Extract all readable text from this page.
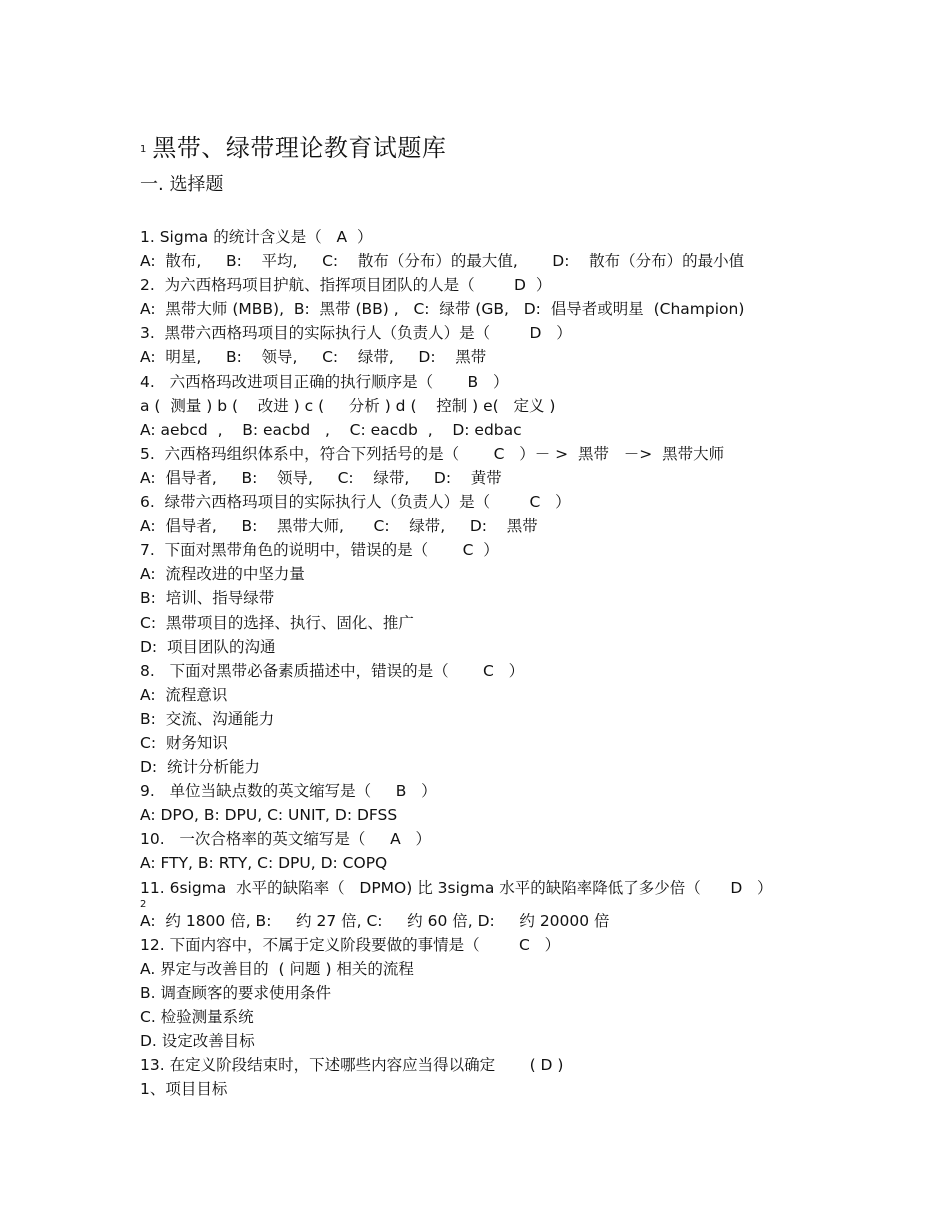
1 黑带、绿带理论教育试题库
一. 选择题
1. Sigma 的统计含义是（   A  ）
A:  散布,     B:    平均,     C:    散布（分布）的最大值,       D:    散布（分布）的最小值
2.  为六西格玛项目护航、指挥项目团队的人是（        D  ）
A:  黑带大师 (MBB),  B:  黑带 (BB) ,   C:  绿带 (GB,   D:  倡导者或明星  (Champion)
3.  黑带六西格玛项目的实际执行人（负责人）是（        D   ）
A:  明星,     B:    领导,     C:    绿带,     D:    黑带
4.   六西格玛改进项目正确的执行顺序是（       B   ）
a (  测量 ) b (    改进 ) c (     分析 ) d (    控制 ) e(   定义 )
A: aebcd  ,    B: eacbd   ,    C: eacdb  ,    D: edbac
5.  六西格玛组织体系中，符合下列括号的是（       C   ）－ >  黑带   －>  黑带大师
A:  倡导者,     B:    领导,     C:    绿带,     D:    黄带
6.  绿带六西格玛项目的实际执行人（负责人）是（        C   ）
A:  倡导者,     B:    黑带大师,      C:    绿带,     D:    黑带
7.  下面对黑带角色的说明中，错误的是（       C  ）
A:  流程改进的中坚力量
B:  培训、指导绿带
C:  黑带项目的选择、执行、固化、推广
D:  项目团队的沟通
8.   下面对黑带必备素质描述中，错误的是（       C   ）
A:  流程意识
B:  交流、沟通能力
C:  财务知识
D:  统计分析能力
9.   单位当缺点数的英文缩写是（     B   ）
A: DPO, B: DPU, C: UNIT, D: DFSS
10.   一次合格率的英文缩写是（     A   ）
A: FTY, B: RTY, C: DPU, D: COPQ
11. 6sigma  水平的缺陷率（   DPMO) 比 3sigma 水平的缺陷率降低了多少倍（      D   ）
2
A:  约 1800 倍, B:     约 27 倍, C:     约 60 倍, D:     约 20000 倍
12. 下面内容中，不属于定义阶段要做的事情是（        C   ）
A. 界定与改善目的  ( 问题 ) 相关的流程
B. 调查顾客的要求使用条件
C. 检验测量系统
D. 设定改善目标
13. 在定义阶段结束时，下述哪些内容应当得以确定       ( D )
1、项目目标
